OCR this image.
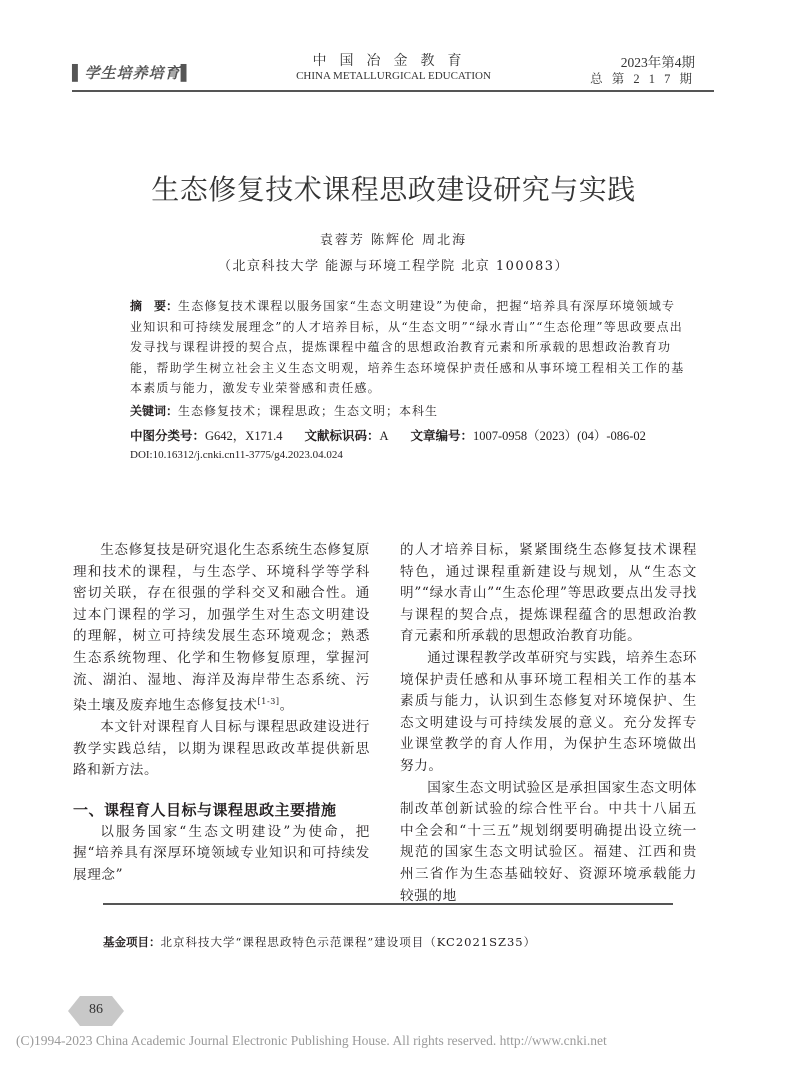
▌学生培养培育▌
中国冶金教育
CHINA METALLURGICAL EDUCATION
2023年第4期
总 第 2 1 7 期
生态修复技术课程思政建设研究与实践
袁蓉芳 陈辉伦 周北海
（北京科技大学 能源与环境工程学院 北京 100083）
摘　要：生态修复技术课程以服务国家“生态文明建设”为使命，把握“培养具有深厚环境领域专业知识和可持续发展理念”的人才培养目标，从“生态文明”“绿水青山”“生态伦理”等思政要点出发寻找与课程讲授的契合点，提炼课程中蕴含的思想政治教育元素和所承载的思想政治教育功能，帮助学生树立社会主义生态文明观，培养生态环境保护责任感和从事环境工程相关工作的基本素质与能力，激发专业荣誉感和责任感。
关键词：生态修复技术；课程思政；生态文明；本科生
中图分类号：G642，X171.4 文献标识码：A 文章编号：1007-0958（2023）(04）-086-02
DOI:10.16312/j.cnki.cn11-3775/g4.2023.04.024

生态修复技是研究退化生态系统生态修复原理和技术的课程，与生态学、环境科学等学科密切关联，存在很强的学科交叉和融合性。通过本门课程的学习，加强学生对生态文明建设的理解，树立可持续发展生态环境观念；熟悉生态系统物理、化学和生物修复原理，掌握河流、湖泊、湿地、海洋及海岸带生态系统、污染土壤及废弃地生态修复技术[1-3]。

本文针对课程育人目标与课程思政建设进行教学实践总结，以期为课程思政改革提供新思路和新方法。

一、课程育人目标与课程思政主要措施

以服务国家“生态文明建设”为使命，把握“培养具有深厚环境领域专业知识和可持续发展理念”

的人才培养目标，紧紧围绕生态修复技术课程特色，通过课程重新建设与规划，从“生态文明”“绿水青山”“生态伦理”等思政要点出发寻找与课程的契合点，提炼课程蕴含的思想政治教育元素和所承载的思想政治教育功能。

通过课程教学改革研究与实践，培养生态环境保护责任感和从事环境工程相关工作的基本素质与能力，认识到生态修复对环境保护、生态文明建设与可持续发展的意义。充分发挥专业课堂教学的育人作用，为保护生态环境做出努力。

国家生态文明试验区是承担国家生态文明体制改革创新试验的综合性平台。中共十八届五中全会和“十三五”规划纲要明确提出设立统一规范的国家生态文明试验区。福建、江西和贵州三省作为生态基础较好、资源环境承载能力较强的地

基金项目：北京科技大学“课程思政特色示范课程”建设项目（KC2021SZ35）
86
(C)1994-2023 China Academic Journal Electronic Publishing House. All rights reserved. http://www.cnki.net
